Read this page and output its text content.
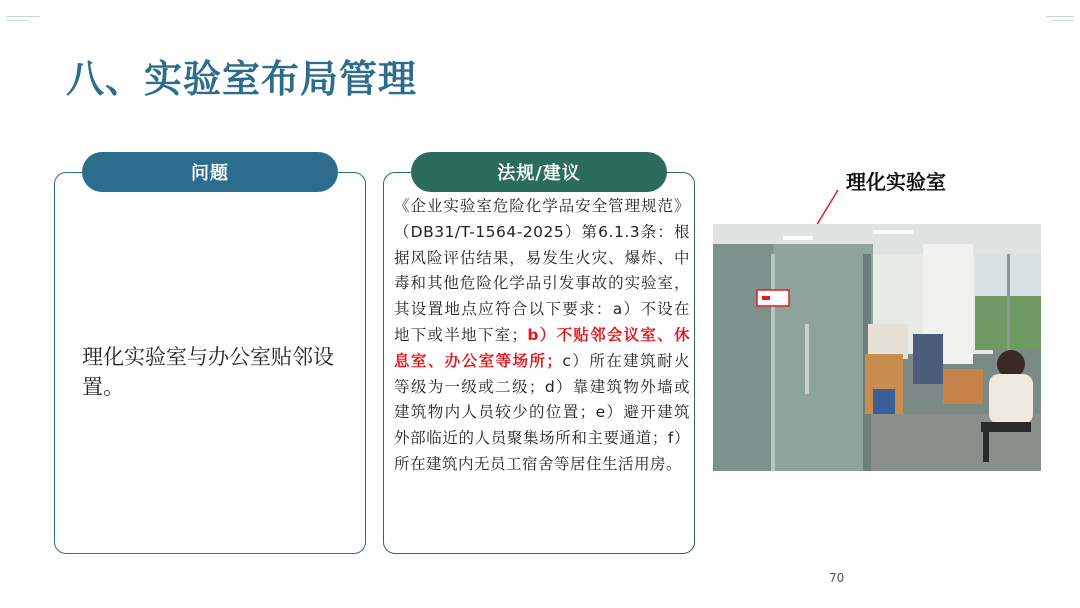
八、实验室布局管理
问题
理化实验室与办公室贴邻设置。
法规/建议
《企业实验室危险化学品安全管理规范》（DB31/T-1564-2025）第6.1.3条：根据风险评估结果，易发生火灾、爆炸、中毒和其他危险化学品引发事故的实验室，其设置地点应符合以下要求：a）不设在地下或半地下室；b）不贴邻会议室、休息室、办公室等场所；c）所在建筑耐火等级为一级或二级；d）靠建筑物外墙或建筑物内人员较少的位置；e）避开建筑外部临近的人员聚集场所和主要通道；f）所在建筑内无员工宿舍等居住生活用房。
理化实验室
70
